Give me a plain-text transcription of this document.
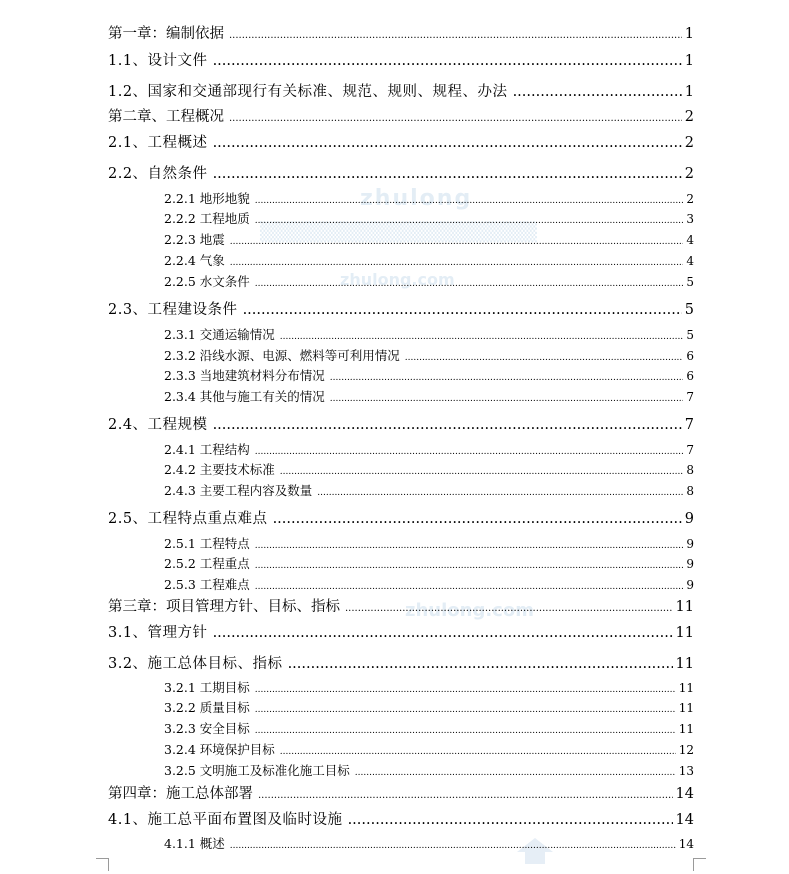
zhulong
▒▒▒▒▒▒▒▒▒▒▒▒▒▒▒▒▒▒▒▒
zhulong.com
zhulong.com
第一章：编制依据 .....	1
1.1、设计文件 .....	1
1.2、国家和交通部现行有关标准、规范、规则、规程、办法 .....	1
第二章、工程概况 .....	2
2.1、工程概述 .....	2
2.2、自然条件 .....	2
2.2.1 地形地貌 .....	2
2.2.2 工程地质 .....	3
2.2.3 地震 .....	4
2.2.4 气象 .....	4
2.2.5 水文条件 .....	5
2.3、工程建设条件 .....	5
2.3.1 交通运输情况 .....	5
2.3.2 沿线水源、电源、燃料等可利用情况 .....	6
2.3.3 当地建筑材料分布情况 .....	6
2.3.4 其他与施工有关的情况 .....	7
2.4、工程规模 .....	7
2.4.1 工程结构 .....	7
2.4.2 主要技术标准 .....	8
2.4.3 主要工程内容及数量 .....	8
2.5、工程特点重点难点 .....	9
2.5.1 工程特点 .....	9
2.5.2 工程重点 .....	9
2.5.3 工程难点 .....	9
第三章：项目管理方针、目标、指标 .....	11
3.1、管理方针 .....	11
3.2、施工总体目标、指标 .....	11
3.2.1 工期目标 .....	11
3.2.2 质量目标 .....	11
3.2.3 安全目标 .....	11
3.2.4 环境保护目标 .....	12
3.2.5 文明施工及标准化施工目标 .....	13
第四章：施工总体部署 .....	14
4.1、施工总平面布置图及临时设施 .....	14
4.1.1 概述 .....	14
